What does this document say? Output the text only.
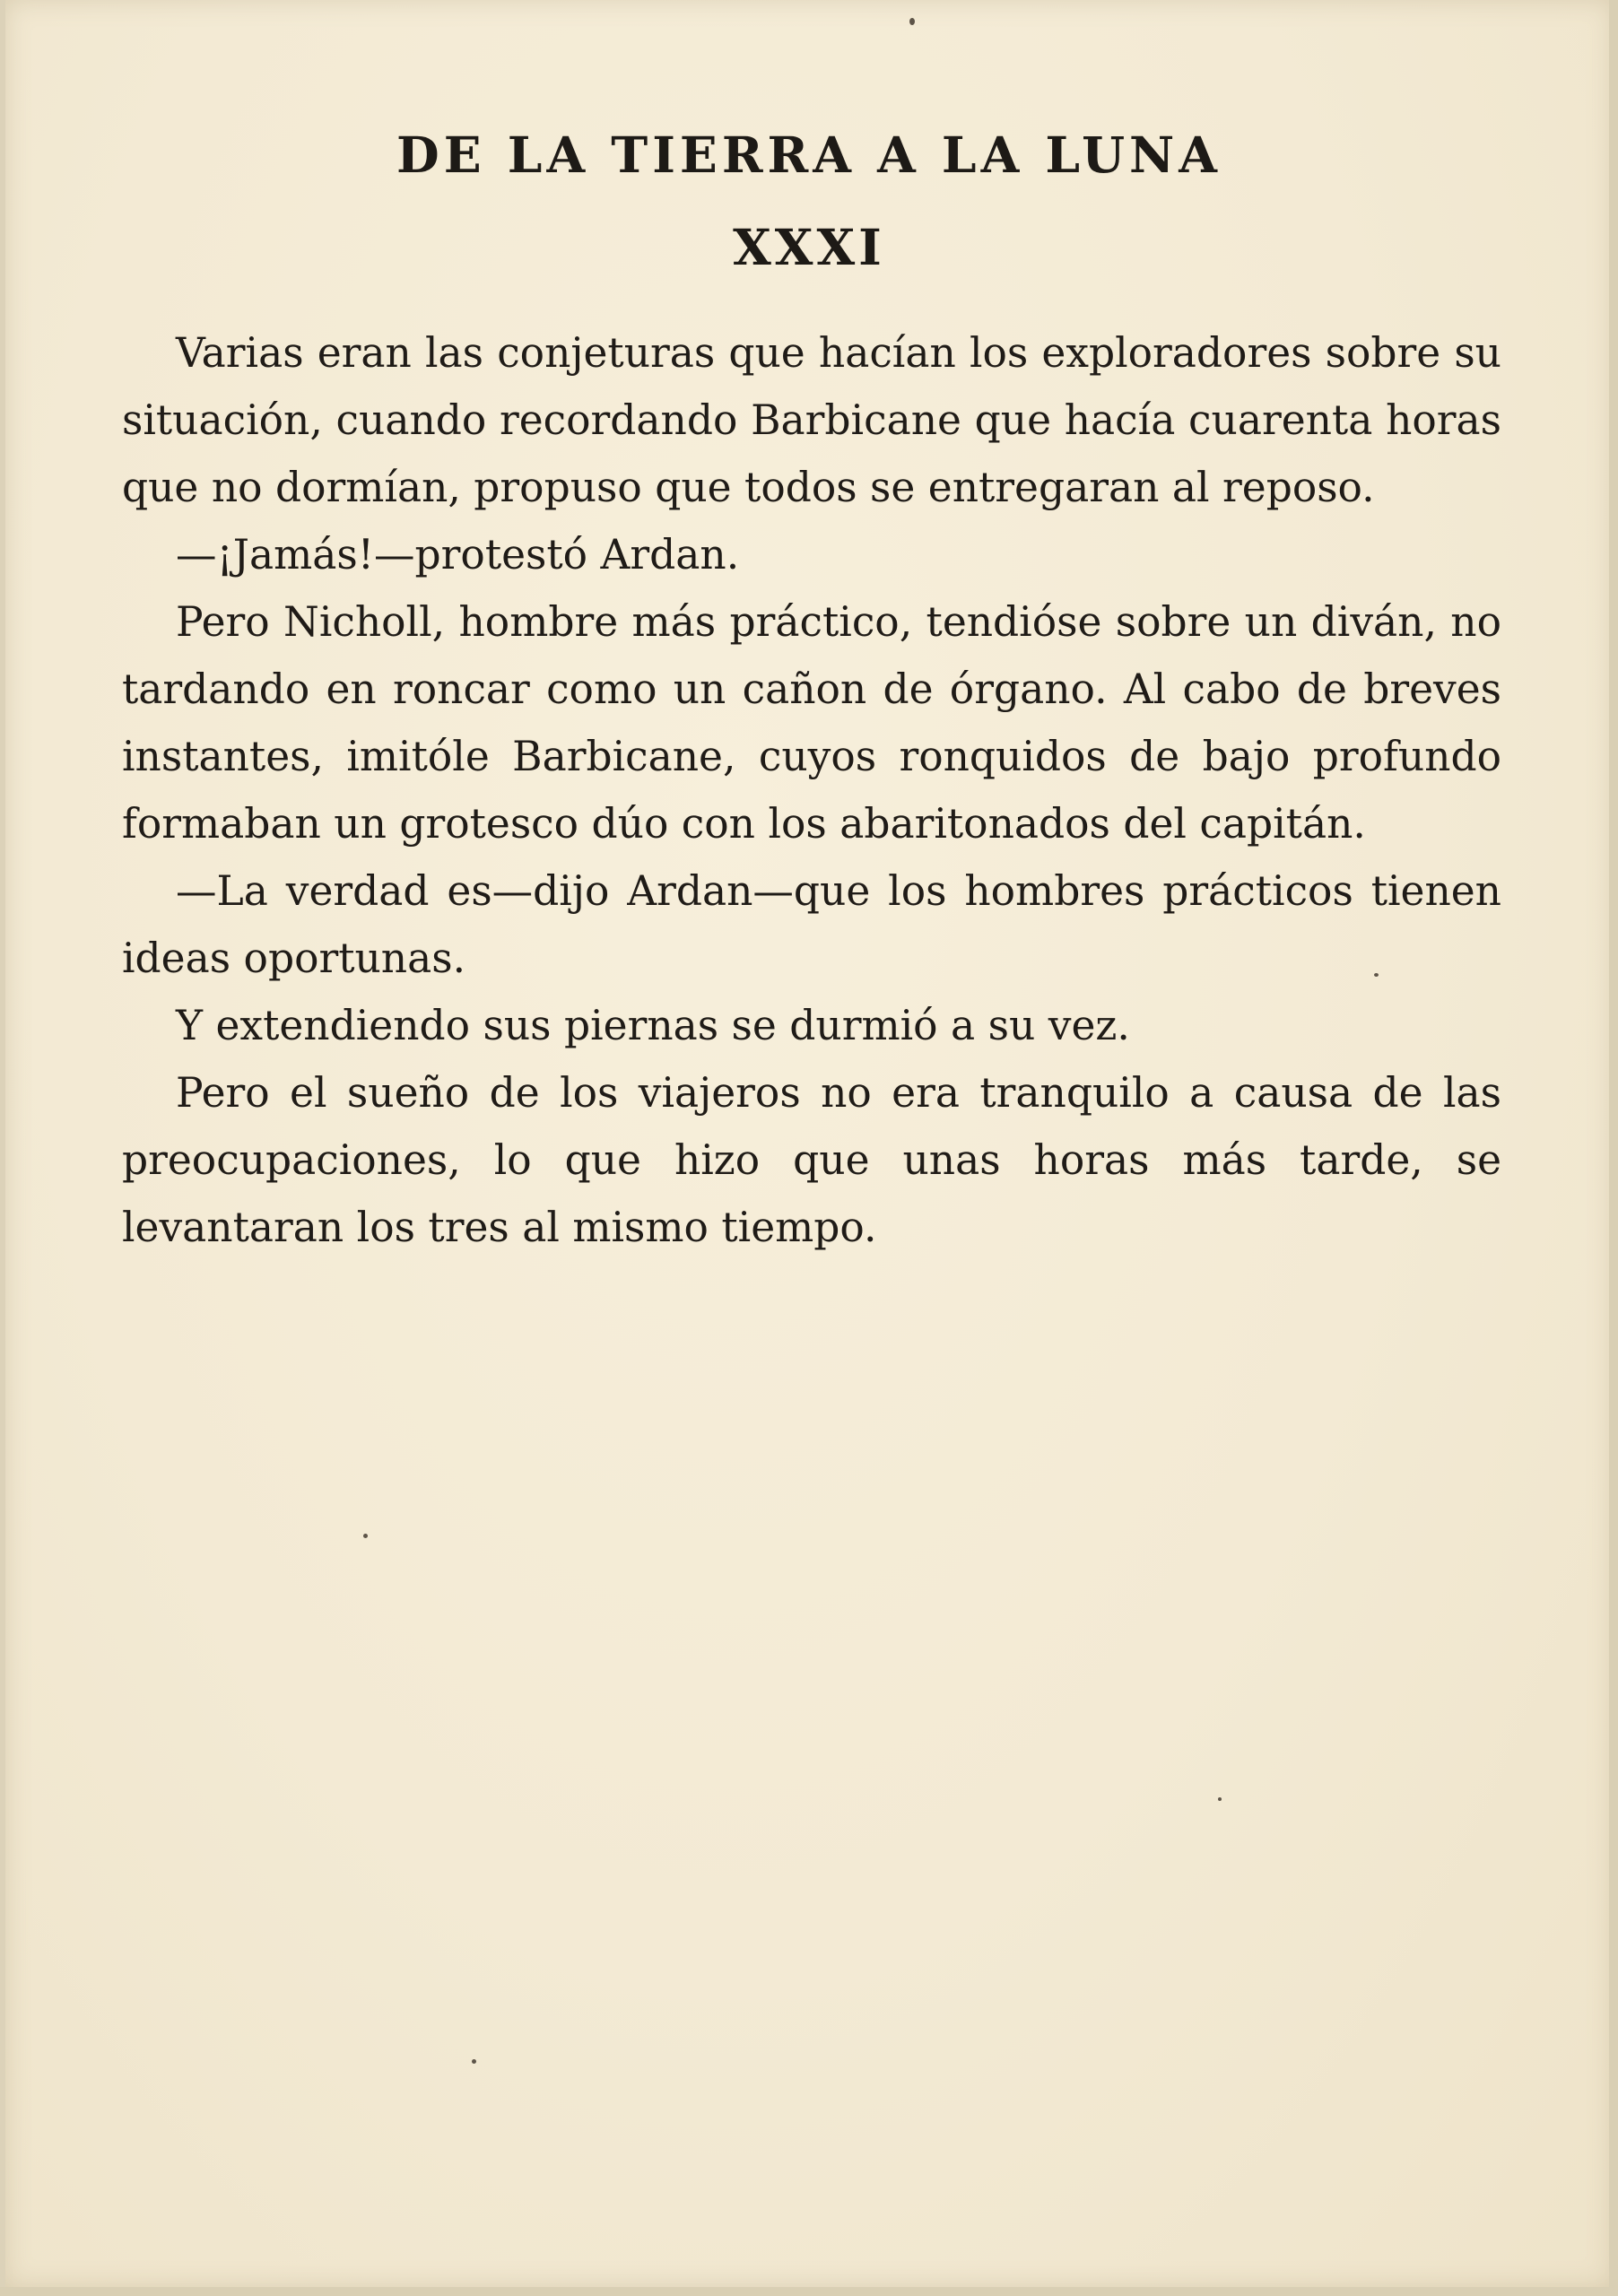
DE LA TIERRA A LA LUNA
XXXI

Varias eran las conjeturas que hacían los exploradores sobre su situación, cuando recordando Barbicane que hacía cuarenta horas que no dormían, propuso que todos se entregaran al reposo.

—¡Jamás!—protestó Ardan.

Pero Nicholl, hombre más práctico, tendióse sobre un diván, no tardando en roncar como un cañon de órgano. Al cabo de breves instantes, imitóle Barbicane, cuyos ronquidos de bajo profundo formaban un grotesco dúo con los abaritonados del capitán.

—La verdad es—dijo Ardan—que los hombres prácticos tienen ideas oportunas.

Y extendiendo sus piernas se durmió a su vez.

Pero el sueño de los viajeros no era tranquilo a causa de las preocupaciones, lo que hizo que unas horas más tarde, se levantaran los tres al mismo tiempo.
